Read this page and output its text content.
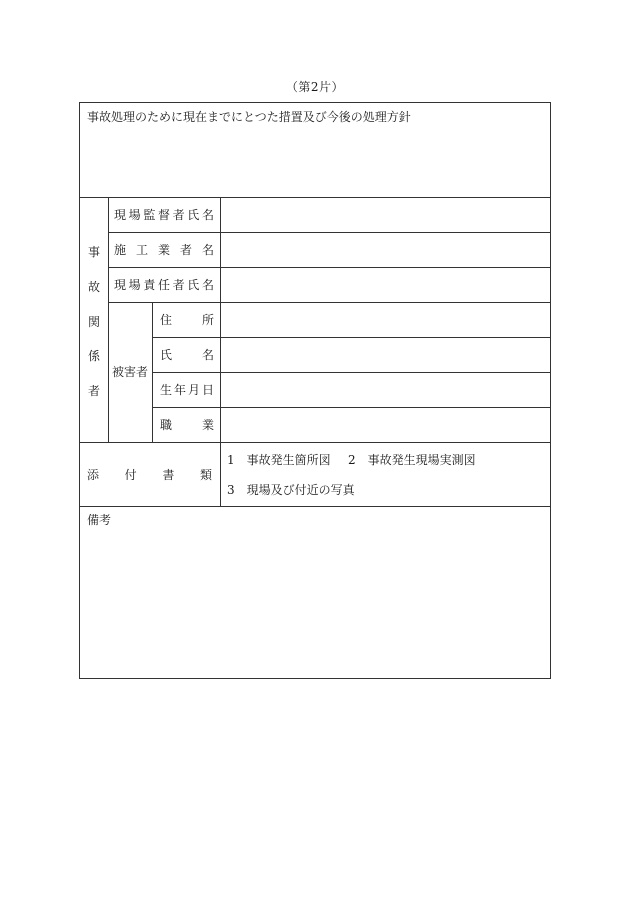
（第2片）
事故処理のために現在までにとつた措置及び今後の処理方針
事
故
関
係
者
現 場 監 督 者 氏 名
施 工 業 者 名
現 場 責 任 者 氏 名
被害者
住 所
氏 名
生 年 月 日
職 業
添 付 書 類
1　事故発生箇所図 2　事故発生現場実測図
3　現場及び付近の写真
備考
